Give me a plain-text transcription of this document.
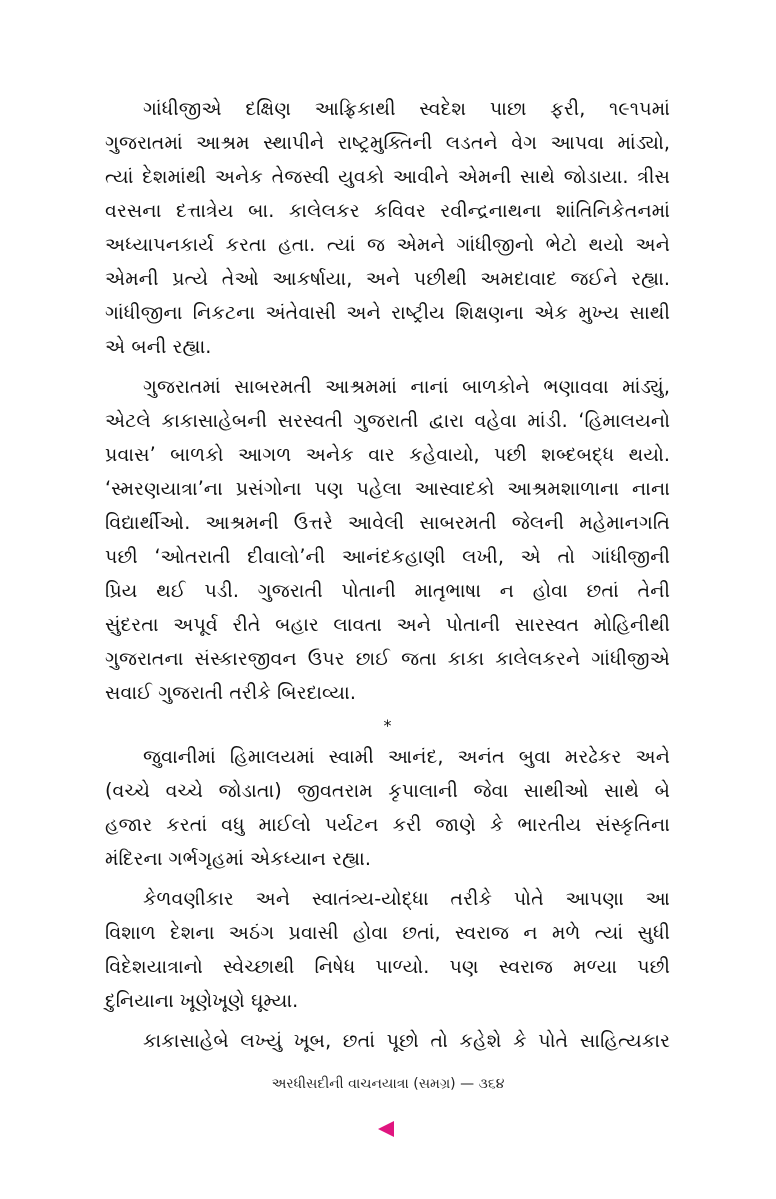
ગાંધીજીએ દક્ષિણ આફ્રિકાથી સ્વદેશ પાછા ફરી, ૧૯૧૫માં
ગુજરાતમાં આશ્રમ સ્થાપીને રાષ્ટ્રમુક્તિની લડતને વેગ આપવા માંડ્યો,
ત્યાં દેશમાંથી અનેક તેજસ્વી યુવકો આવીને એમની સાથે જોડાયા. ત્રીસ
વરસના દત્તાત્રેય બા. કાલેલકર કવિવર રવીન્દ્રનાથના શાંતિનિકેતનમાં
અધ્યાપનકાર્ય કરતા હતા. ત્યાં જ એમને ગાંધીજીનો ભેટો થયો અને
એમની પ્રત્યે તેઓ આકર્ષાયા, અને પછીથી અમદાવાદ જઈને રહ્યા.
ગાંધીજીના નિકટના અંતેવાસી અને રાષ્ટ્રીય શિક્ષણના એક મુખ્ય સાથી
એ બની રહ્યા.
ગુજરાતમાં સાબરમતી આશ્રમમાં નાનાં બાળકોને ભણાવવા માંડ્યું,
એટલે કાકાસાહેબની સરસ્વતી ગુજરાતી દ્વારા વહેવા માંડી. ‘હિમાલયનો
પ્રવાસ’ બાળકો આગળ અનેક વાર કહેવાયો, પછી શબ્દબદ્ધ થયો.
‘સ્મરણયાત્રા’ના પ્રસંગોના પણ પહેલા આસ્વાદકો આશ્રમશાળાના નાના
વિદ્યાર્થીઓ. આશ્રમની ઉત્તરે આવેલી સાબરમતી જેલની મહેમાનગતિ
પછી ‘ઓતરાતી દીવાલો’ની આનંદકહાણી લખી, એ તો ગાંધીજીની
પ્રિય થઈ પડી. ગુજરાતી પોતાની માતૃભાષા ન હોવા છતાં તેની
સુંદરતા અપૂર્વ રીતે બહાર લાવતા અને પોતાની સારસ્વત મોહિનીથી
ગુજરાતના સંસ્કારજીવન ઉપર છાઈ જતા કાકા કાલેલકરને ગાંધીજીએ
સવાઈ ગુજરાતી તરીકે બિરદાવ્યા.
*
જુવાનીમાં હિમાલયમાં સ્વામી આનંદ, અનંત બુવા મરઢેકર અને
(વચ્ચે વચ્ચે જોડાતા) જીવતરામ કૃપાલાની જેવા સાથીઓ સાથે બે
હજાર કરતાં વધુ માઈલો પર્યટન કરી જાણે કે ભારતીય સંસ્કૃતિના
મંદિરના ગર્ભગૃહમાં એકધ્યાન રહ્યા.
કેળવણીકાર અને સ્વાતંત્ર્ય-યોદ્ધા તરીકે પોતે આપણા આ
વિશાળ દેશના અઠંગ પ્રવાસી હોવા છતાં, સ્વરાજ ન મળે ત્યાં સુધી
વિદેશયાત્રાનો સ્વેચ્છાથી નિષેધ પાળ્યો. પણ સ્વરાજ મળ્યા પછી
દુનિયાના ખૂણેખૂણે ઘૂમ્યા.
કાકાસાહેબે લખ્યું ખૂબ, છતાં પૂછો તો કહેશે કે પોતે સાહિત્યકાર
અરધીસદીની વાચનયાત્રા (સમગ્ર) — ૩૬૪
